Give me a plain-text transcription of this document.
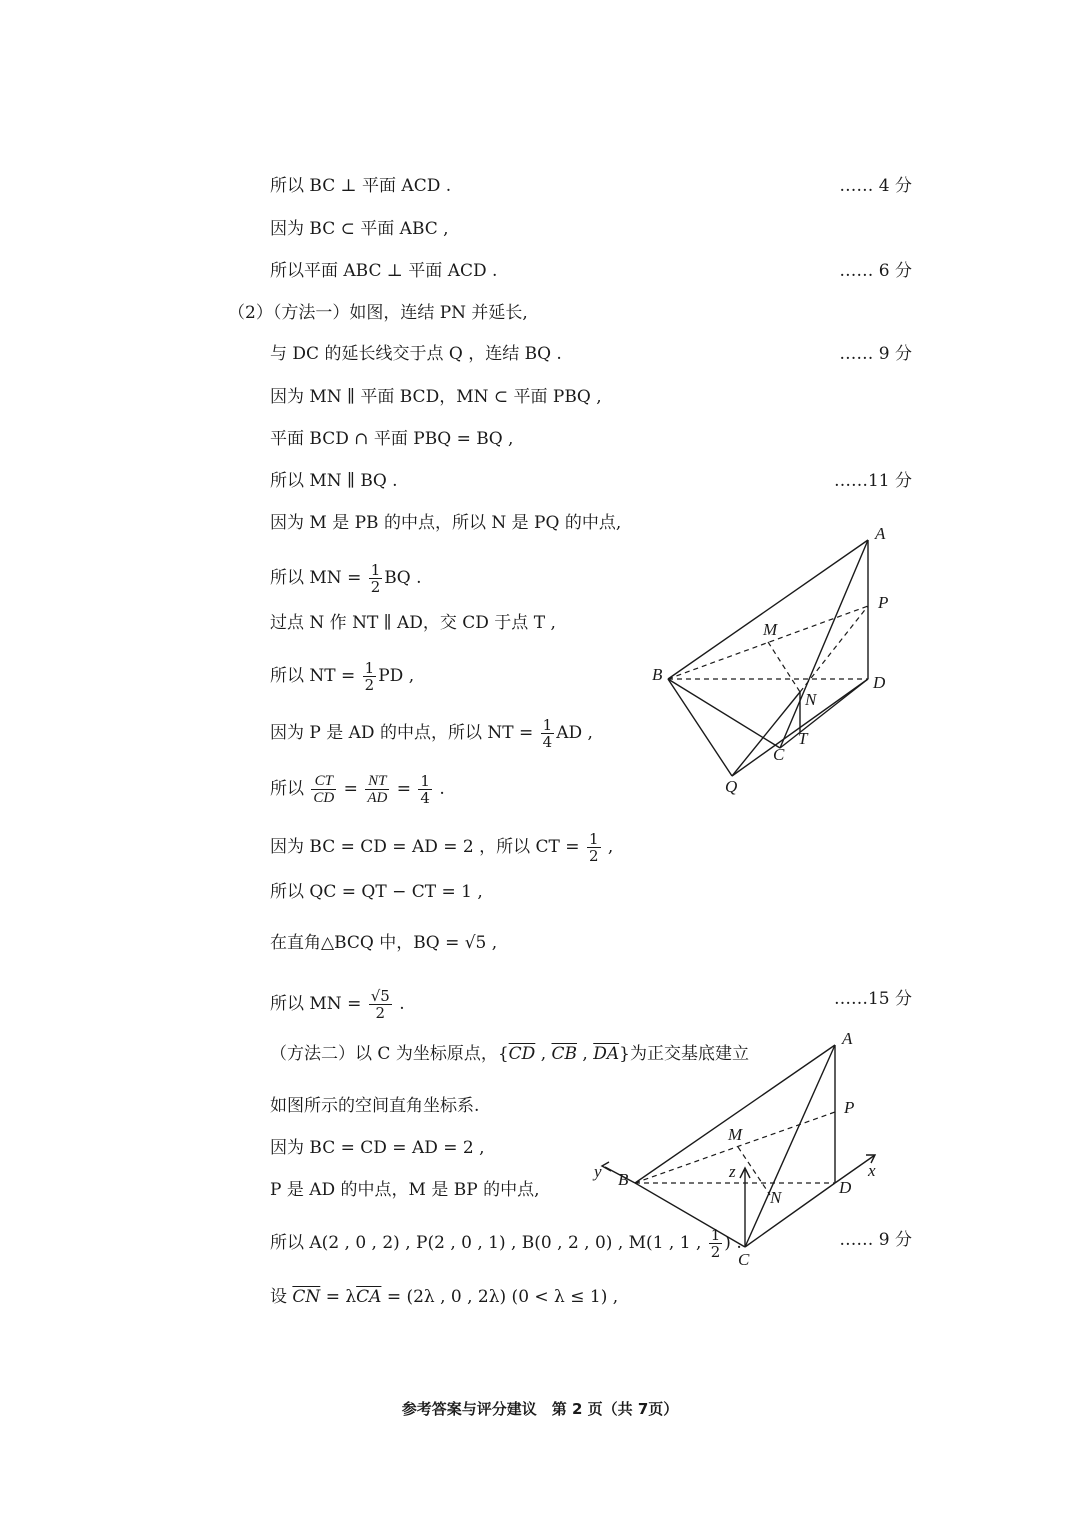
所以 BC ⊥ 平面 ACD .	…… 4 分
因为 BC ⊂ 平面 ABC ,
所以平面 ABC ⊥ 平面 ACD .	…… 6 分
（2）（方法一）如图，连结 PN 并延长,
与 DC 的延长线交于点 Q ，连结 BQ .	…… 9 分
因为 MN ∥ 平面 BCD，MN ⊂ 平面 PBQ ,
平面 BCD ∩ 平面 PBQ = BQ ,
所以 MN ∥ BQ .	……11 分
因为 M 是 PB 的中点，所以 N 是 PQ 的中点,
所以 MN = $\frac{1}{2}$ BQ .
过点 N 作 NT ∥ AD，交 CD 于点 T ,
所以 NT = $\frac{1}{2}$ PD ,
因为 P 是 AD 的中点，所以 NT = $\frac{1}{4}$ AD ,
所以 $\frac{CT}{CD} = \frac{NT}{AD} = \frac{1}{4}$ .
因为 BC = CD = AD = 2 ，所以 CT = $\frac{1}{2}$ ,
所以 QC = QT − CT = 1 ,
在直角△BCQ 中，BQ = √5 ,
所以 MN = $\frac{√5}{2}$ .	……15 分
（方法二）以 C 为坐标原点，{$\overline{CD}$ , $\overline{CB}$ , $\overline{DA}$}为正交基底建立
如图所示的空间直角坐标系.
因为 BC = CD = AD = 2 ,
P 是 AD 的中点，M 是 BP 的中点,
所以 A(2 , 0 , 2) , P(2 , 0 , 1) , B(0 , 2 , 0) , M(1 , 1 , $\frac{1}{2}$ ) .	…… 9 分
设 $\overline{CN} = \lambda\overline{CA} = (2\lambda$ , 0 , 2λ) (0 < λ ≤ 1) ,
A
P
M
B
N
D
T
C
Q
A
P
M
B
N
D
C
x
y	z
参考答案与评分建议　第 2 页（共 7页）
